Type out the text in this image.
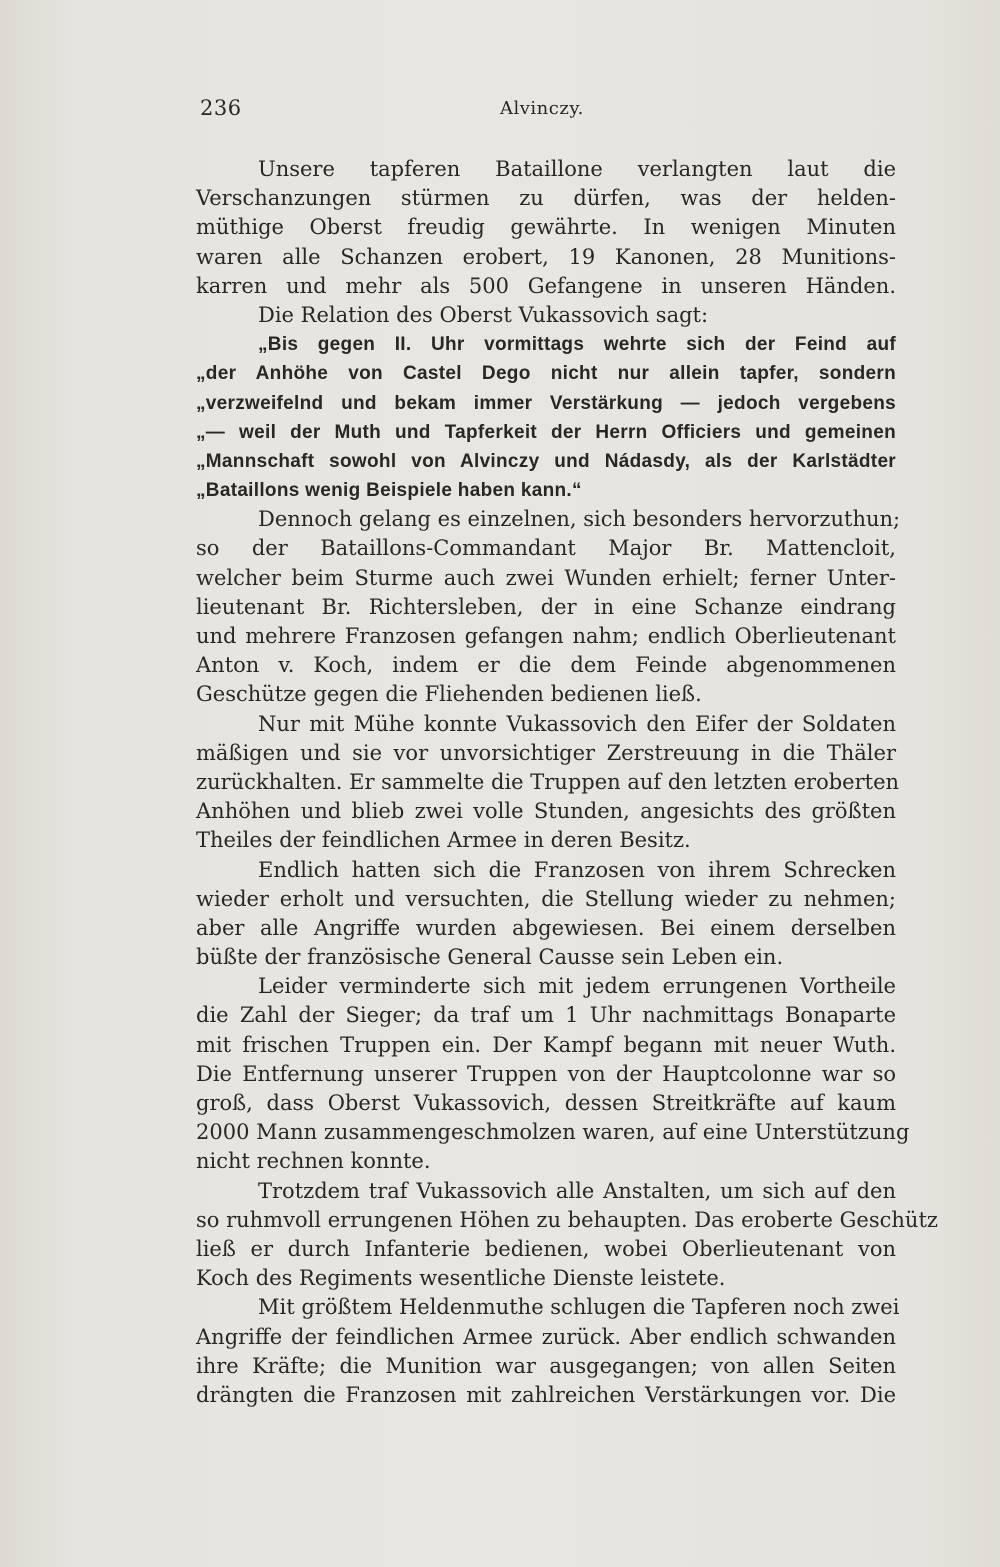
236	Alvinczy.
Unsere tapferen Bataillone verlangten laut die
Verschanzungen stürmen zu dürfen, was der helden-
müthige Oberst freudig gewährte. In wenigen Minuten
waren alle Schanzen erobert, 19 Kanonen, 28 Munitions-
karren und mehr als 500 Gefangene in unseren Händen.
Die Relation des Oberst Vukassovich sagt:
„Bis gegen II. Uhr vormittags wehrte sich der Feind auf
„der Anhöhe von Castel Dego nicht nur allein tapfer, sondern
„verzweifelnd und bekam immer Verstärkung — jedoch vergebens
„— weil der Muth und Tapferkeit der Herrn Officiers und gemeinen
„Mannschaft sowohl von Alvinczy und Nádasdy, als der Karlstädter
„Bataillons wenig Beispiele haben kann.“
Dennoch gelang es einzelnen, sich besonders hervorzuthun;
so der Bataillons-Commandant Major Br. Mattencloit,
welcher beim Sturme auch zwei Wunden erhielt; ferner Unter-
lieutenant Br. Richtersleben, der in eine Schanze eindrang
und mehrere Franzosen gefangen nahm; endlich Oberlieutenant
Anton v. Koch, indem er die dem Feinde abgenommenen
Geschütze gegen die Fliehenden bedienen ließ.
Nur mit Mühe konnte Vukassovich den Eifer der Soldaten
mäßigen und sie vor unvorsichtiger Zerstreuung in die Thäler
zurückhalten. Er sammelte die Truppen auf den letzten eroberten
Anhöhen und blieb zwei volle Stunden, angesichts des größten
Theiles der feindlichen Armee in deren Besitz.
Endlich hatten sich die Franzosen von ihrem Schrecken
wieder erholt und versuchten, die Stellung wieder zu nehmen;
aber alle Angriffe wurden abgewiesen. Bei einem derselben
büßte der französische General Causse sein Leben ein.
Leider verminderte sich mit jedem errungenen Vortheile
die Zahl der Sieger; da traf um 1 Uhr nachmittags Bonaparte
mit frischen Truppen ein. Der Kampf begann mit neuer Wuth.
Die Entfernung unserer Truppen von der Hauptcolonne war so
groß, dass Oberst Vukassovich, dessen Streitkräfte auf kaum
2000 Mann zusammengeschmolzen waren, auf eine Unterstützung
nicht rechnen konnte.
Trotzdem traf Vukassovich alle Anstalten, um sich auf den
so ruhmvoll errungenen Höhen zu behaupten. Das eroberte Geschütz
ließ er durch Infanterie bedienen, wobei Oberlieutenant von
Koch des Regiments wesentliche Dienste leistete.
Mit größtem Heldenmuthe schlugen die Tapferen noch zwei
Angriffe der feindlichen Armee zurück. Aber endlich schwanden
ihre Kräfte; die Munition war ausgegangen; von allen Seiten
drängten die Franzosen mit zahlreichen Verstärkungen vor. Die
